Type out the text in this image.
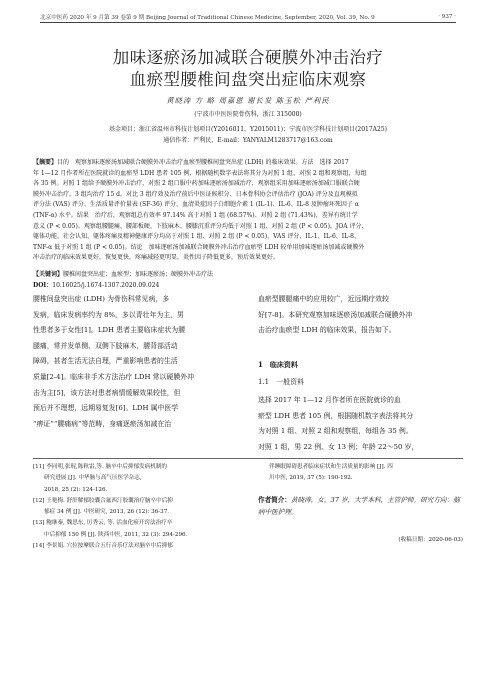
北京中医药 2020 年 9 月第 39 卷第 9 期 Beijing Journal of Traditional Chinese Medicine, September, 2020, Vol. 39, No. 9	· 937 ·
加味逐瘀汤加减联合硬膜外冲击治疗
血瘀型腰椎间盘突出症临床观察
黄晓涛 方 略 周嘉恩 谢长发 陈玉松 严利民
(宁波市中医医院骨伤科，浙江 315000)
基金项目：浙江省温州市科技计划项目(Y2016011，Y2015011)；宁波市医学科技计划项目(2017A25)
通信作者：严利民，E-mail：YANYALM1283717@163.com
【摘要】目的　观察加味逐瘀汤加减联合硬膜外冲击治疗血瘀型腰椎间盘突出症 (LDH) 的临床效果。方法　选择 2017
年 1—12 月作者所在医院就诊的血瘀型 LDH 患者 105 例，根据随机数字表法将其分为对照 1 组、对照 2 组和观察组，每组
各 35 例。对照 1 组给予硬膜外冲击治疗，对照 2 组口服中药加味逐瘀汤加减治疗，观察组采用加味逐瘀汤加减口服联合硬
膜外冲击治疗。3 组均治疗 15 d。对比 3 组疗效及治疗前后中医证候积分、日本骨科协会评估治疗 (JOA) 评分及直观模拟
评分法 (VAS) 评分、生活质量评价量表 (SF-36) 评分、血清炎症因子白细胞介素 1 (IL-1)、IL-6、IL-8 及肿瘤坏死因子 α
(TNF-α) 水平。结果　治疗后，观察组总有效率 97.14% 高于对照 1 组 (68.57%)、对照 2 组 (71.43%)，差异有统计学
意义 (P < 0.05)。观察组腰腿痛、腰部板硬、下肢麻木、腰膝沉重评分均低于对照 1 组、对照 2 组 (P < 0.05)，JOA 评分、
躯体功能、社会认知、躯体疼痛及精神健康评分均高于对照 1 组、对照 2 组 (P < 0.05)，VAS 评分、IL-1、IL-6、IL-8、
TNF-α 低于对照 1 组 (P < 0.05)。结论　加味逐瘀汤加减联合硬膜外冲击治疗血瘀型 LDH 较单用加味逐瘀汤加减或硬膜外
冲击治疗的临床效果更好，恢复更快，疼痛减轻更明显，炎性因子降低更多，预后效果更好。
【关键词】腰椎间盘突出症；血瘀型；加味逐瘀汤；硬膜外冲击疗法
DOI：10.16025/j.1674-1307.2020.09.024
腰椎间盘突出症 (LDH) 为骨伤科常见病，多
发病，临床发病率约为 8%，多以青壮年为主，男
性患者多于女性[1]。LDH 患者主要临床症状为腰
腿痛，常并发单侧、双侧下肢麻木，腰背部活动
障碍，甚者生活无法自理，严重影响患者的生活
质量[2-4]。临床非手术方法治疗 LDH 常以硬膜外冲
击为主[5]，该方法对患者病情缓解效果较佳，但
预后并不理想，远期易复发[6]。LDH 属中医学
“痹证”“腰痛病”等范畴，身痛逐瘀汤加减在治
血瘀型腰腿痛中的应用较广，近远期疗效较
好[7-8]。本研究观察加味逐瘀汤加减联合硬膜外冲
击治疗血瘀型 LDH 的临床效果，报告如下。
1　临床资料
1.1　一般资料
选择 2017 年 1—12 月作者所在医院就诊的血
瘀型 LDH 患者 105 例，根据随机数字表法将其分
为对照 1 组、对照 2 组和观察组，每组各 35 例。
对照 1 组，男 22 例、女 13 例；年龄 22～50 岁，
[11] 李同明,张琨,陈秋雷,等. 脑卒中后抑郁发病机制的
研究进展 [J]. 中华脑与高气压医学杂志,
2018, 25 (2): 124-126.
[12] 王艳梅. 舒肝解郁胶囊合氟西汀胶囊治疗脑卒中后抑
郁症 34 例 [J]. 中医研究, 2013, 26 (12): 36-37.
[13] 鲍继秦, 魏思东, 厉秀云, 等. 活血化瘀开窍法治疗卒
中后抑郁 150 例 [J]. 陕西中医, 2011, 32 (3): 294-296.
[14] 李景娟. 穴位按摩联合五行音乐疗法对脑卒中后抑郁
伴睡眠障碍患者临床症状和生活质量的影响 [J]. 四
川中医, 2019, 37 (5): 190-192.
作者简介：黄晓涛，女，37 岁，大学本科，主管护师。研究方向：脑病中医护理。
(收稿日期：2020-06-03)
